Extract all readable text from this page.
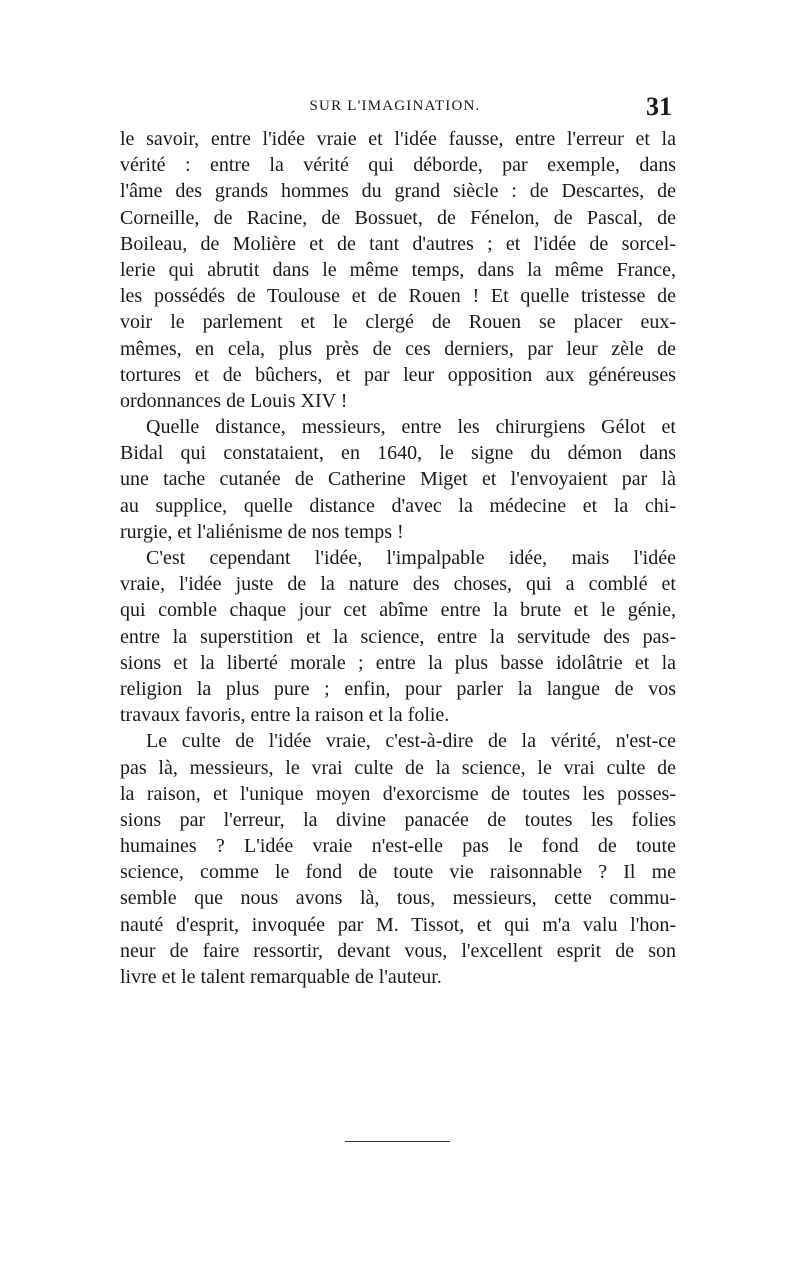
SUR L'IMAGINATION.	31
le savoir, entre l'idée vraie et l'idée fausse, entre l'erreur et la
vérité : entre la vérité qui déborde, par exemple, dans
l'âme des grands hommes du grand siècle : de Descartes, de
Corneille, de Racine, de Bossuet, de Fénelon, de Pascal, de
Boileau, de Molière et de tant d'autres ; et l'idée de sorcel-
lerie qui abrutit dans le même temps, dans la même France,
les possédés de Toulouse et de Rouen ! Et quelle tristesse de
voir le parlement et le clergé de Rouen se placer eux-
mêmes, en cela, plus près de ces derniers, par leur zèle de
tortures et de bûchers, et par leur opposition aux généreuses
ordonnances de Louis XIV !
Quelle distance, messieurs, entre les chirurgiens Gélot et
Bidal qui constataient, en 1640, le signe du démon dans
une tache cutanée de Catherine Miget et l'envoyaient par là
au supplice, quelle distance d'avec la médecine et la chi-
rurgie, et l'aliénisme de nos temps !
C'est cependant l'idée, l'impalpable idée, mais l'idée
vraie, l'idée juste de la nature des choses, qui a comblé et
qui comble chaque jour cet abîme entre la brute et le génie,
entre la superstition et la science, entre la servitude des pas-
sions et la liberté morale ; entre la plus basse idolâtrie et la
religion la plus pure ; enfin, pour parler la langue de vos
travaux favoris, entre la raison et la folie.
Le culte de l'idée vraie, c'est-à-dire de la vérité, n'est-ce
pas là, messieurs, le vrai culte de la science, le vrai culte de
la raison, et l'unique moyen d'exorcisme de toutes les posses-
sions par l'erreur, la divine panacée de toutes les folies
humaines ? L'idée vraie n'est-elle pas le fond de toute
science, comme le fond de toute vie raisonnable ? Il me
semble que nous avons là, tous, messieurs, cette commu-
nauté d'esprit, invoquée par M. Tissot, et qui m'a valu l'hon-
neur de faire ressortir, devant vous, l'excellent esprit de son
livre et le talent remarquable de l'auteur.
